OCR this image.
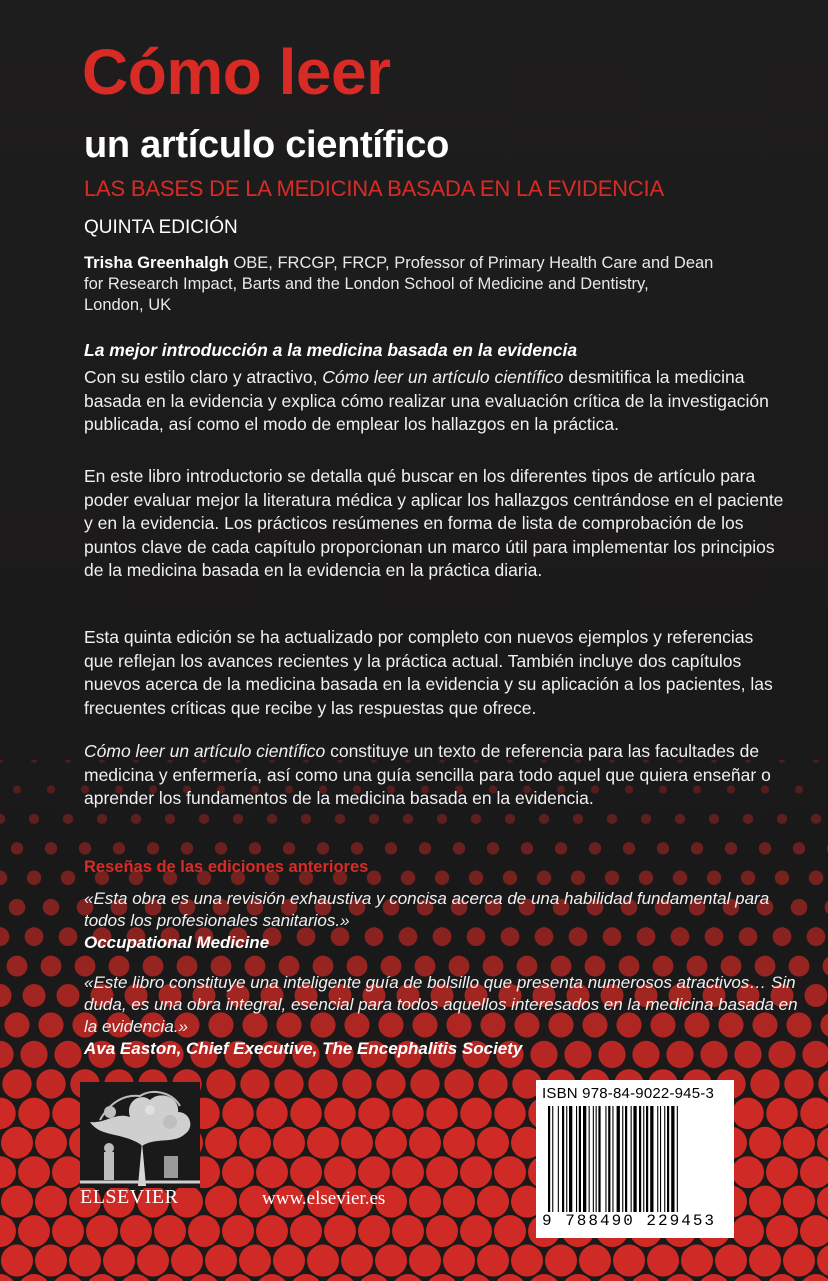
Cómo leer
un artículo científico

LAS BASES DE LA MEDICINA BASADA EN LA EVIDENCIA

QUINTA EDICIÓN

Trisha Greenhalgh OBE, FRCGP, FRCP, Professor of Primary Health Care and Dean
for Research Impact, Barts and the London School of Medicine and Dentistry,
London, UK

La mejor introducción a la medicina basada en la evidencia

Con su estilo claro y atractivo, Cómo leer un artículo científico desmitifica la medicina basada en la evidencia y explica cómo realizar una evaluación crítica de la investigación publicada, así como el modo de emplear los hallazgos en la práctica.

En este libro introductorio se detalla qué buscar en los diferentes tipos de artículo para poder evaluar mejor la literatura médica y aplicar los hallazgos centrándose en el paciente y en la evidencia. Los prácticos resúmenes en forma de lista de comprobación de los puntos clave de cada capítulo proporcionan un marco útil para implementar los principios de la medicina basada en la evidencia en la práctica diaria.

Esta quinta edición se ha actualizado por completo con nuevos ejemplos y referencias que reflejan los avances recientes y la práctica actual. También incluye dos capítulos nuevos acerca de la medicina basada en la evidencia y su aplicación a los pacientes, las frecuentes críticas que recibe y las respuestas que ofrece.

Cómo leer un artículo científico constituye un texto de referencia para las facultades de medicina y enfermería, así como una guía sencilla para todo aquel que quiera enseñar o aprender los fundamentos de la medicina basada en la evidencia.

Reseñas de las ediciones anteriores

«Esta obra es una revisión exhaustiva y concisa acerca de una habilidad fundamental para todos los profesionales sanitarios.»
Occupational Medicine

«Este libro constituye una inteligente guía de bolsillo que presenta numerosos atractivos… Sin duda, es una obra integral, esencial para todos aquellos interesados en la medicina basada en la evidencia.»
Ava Easton, Chief Executive, The Encephalitis Society

ELSEVIER	www.elsevier.es

ISBN 978-84-9022-945-3

9 788490 229453
